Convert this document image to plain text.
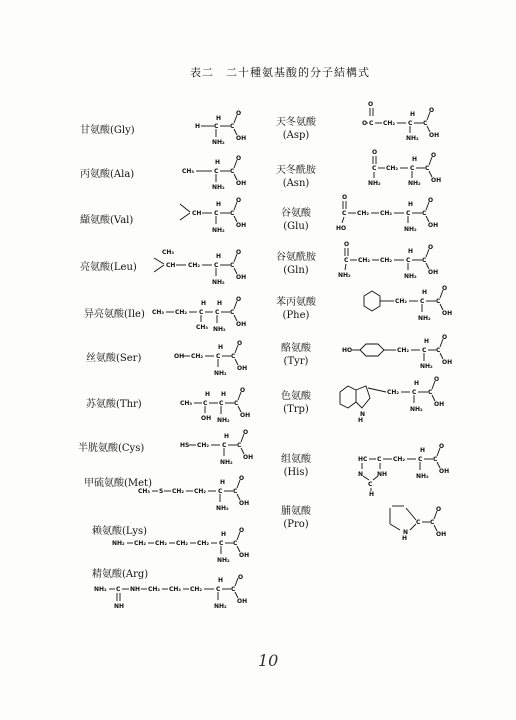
表二　二十種氨基酸的分子結構式
甘氨酸(Gly)
丙氨酸(Ala)
纈氨酸(Val)
亮氨酸(Leu)
异亮氨酸(Ile)
丝氨酸(Ser)
苏氨酸(Thr)
半胱氨酸(Cys)
甲硫氨酸(Met)
赖氨酸(Lys)
精氨酸(Arg)
天冬氨酸
(Asp)
天冬酰胺
(Asn)
谷氨酸
(Glu)
谷氨酰胺
(Gln)
苯丙氨酸
(Phe)
酪氨酸
(Tyr)
色氨酸
(Trp)
组氨酸
(His)
脯氨酸
(Pro)
H
H
C C
O
OH
NH₂
CH₃
H
C C
O
OH
NH₂
CH
H
C C
O
OH
NH₂
CH₃
CH CH₂
H
C C
O
OH
NH₂
CH₃ CH₂
H
C
CH₃
H
C C
O
OH
NH₂
OH CH₂
H
C C
O
OH
NH₂
CH₃
H
C
OH
H
C C
O
OH
NH₂
HS CH₂
H
C C
O
OH
NH₂
CH₃ S CH₂ CH₂
H
C C
O
OH
NH₂
NH₂ CH₂ CH₂ CH₂ CH₂
H
C C
O
OH
NH₂
NH₂ C
NH
NH CH₂ CH₂ CH₂
H
C C
O
OH
NH₂
O
O C CH₂
H
C C
O
OH
NH₂
O
C
NH₂
CH₂
H
C C
O
OH
NH₂
O
C
HO
CH₂ CH₂
H
C C
O
OH
NH₂
O
C
NH₂
CH₂ CH₂
H
C C
O
OH
NH₂
CH₂
H
C C
O
OH
NH₂
HO	CH₂
H
C C
O
OH
NH₂
N
H
CH₂
H
C C
O
OH
NH₂
HC C
N NH
C
H
CH₂
H
C C
O
OH
NH₂
N
H
C C
O
OH
10
